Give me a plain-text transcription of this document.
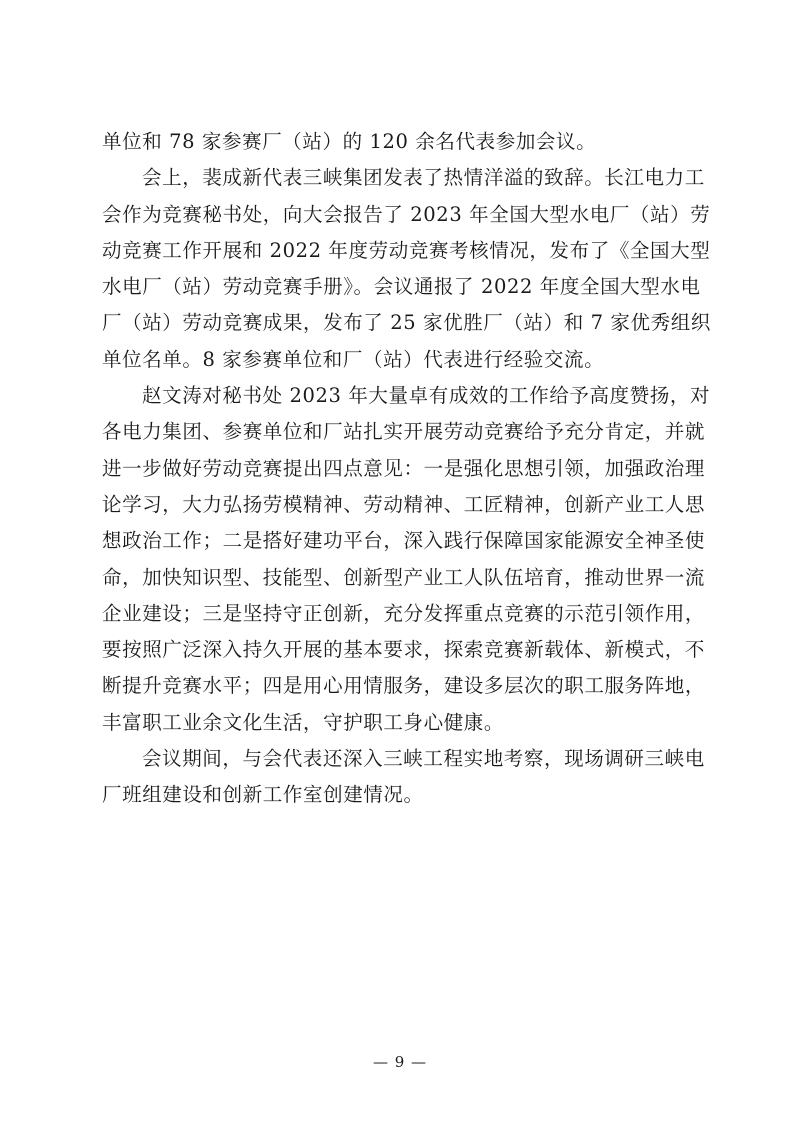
单位和 78 家参赛厂（站）的 120 余名代表参加会议。
会上，裴成新代表三峡集团发表了热情洋溢的致辞。长江电力工
会作为竞赛秘书处，向大会报告了 2023 年全国大型水电厂（站）劳
动竞赛工作开展和 2022 年度劳动竞赛考核情况，发布了《全国大型
水电厂（站）劳动竞赛手册》。会议通报了 2022 年度全国大型水电
厂（站）劳动竞赛成果，发布了 25 家优胜厂（站）和 7 家优秀组织
单位名单。8 家参赛单位和厂（站）代表进行经验交流。
赵文涛对秘书处 2023 年大量卓有成效的工作给予高度赞扬，对
各电力集团、参赛单位和厂站扎实开展劳动竞赛给予充分肯定，并就
进一步做好劳动竞赛提出四点意见：一是强化思想引领，加强政治理
论学习，大力弘扬劳模精神、劳动精神、工匠精神，创新产业工人思
想政治工作；二是搭好建功平台，深入践行保障国家能源安全神圣使
命，加快知识型、技能型、创新型产业工人队伍培育，推动世界一流
企业建设；三是坚持守正创新，充分发挥重点竞赛的示范引领作用，
要按照广泛深入持久开展的基本要求，探索竞赛新载体、新模式，不
断提升竞赛水平；四是用心用情服务，建设多层次的职工服务阵地，
丰富职工业余文化生活，守护职工身心健康。
会议期间，与会代表还深入三峡工程实地考察，现场调研三峡电
厂班组建设和创新工作室创建情况。
— 9 —
